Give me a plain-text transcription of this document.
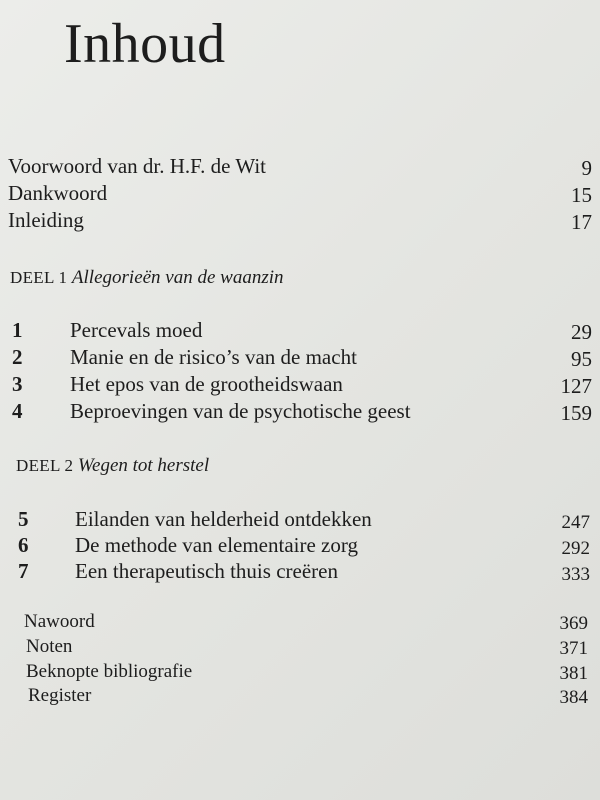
Inhoud
Voorwoord van dr. H.F. de Wit	9
Dankwoord	15
Inleiding	17
DEEL 1 Allegorieën van de waanzin
1 Percevals moed	29
2 Manie en de risico’s van de macht	95
3 Het epos van de grootheidswaan	127
4 Beproevingen van de psychotische geest	159
DEEL 2 Wegen tot herstel
5 Eilanden van helderheid ontdekken	247
6 De methode van elementaire zorg	292
7 Een therapeutisch thuis creëren	333
Nawoord	369
Noten	371
Beknopte bibliografie	381
Register	384
